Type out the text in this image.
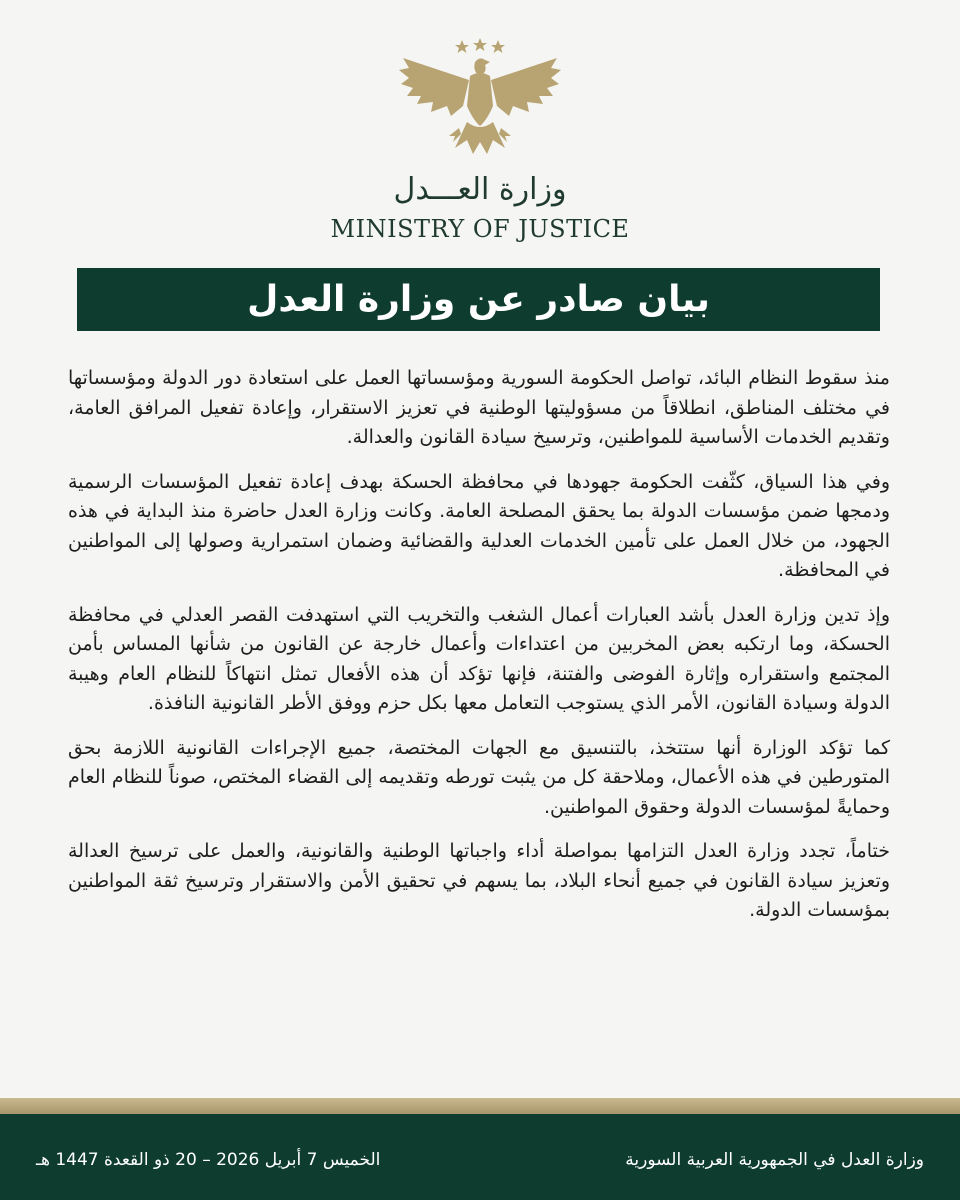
وزارة العـــدل
MINISTRY OF JUSTICE
بيان صادر عن وزارة العدل

منذ سقوط النظام البائد، تواصل الحكومة السورية ومؤسساتها العمل على استعادة دور الدولة ومؤسساتها في مختلف المناطق، انطلاقاً من مسؤوليتها الوطنية في تعزيز الاستقرار، وإعادة تفعيل المرافق العامة، وتقديم الخدمات الأساسية للمواطنين، وترسيخ سيادة القانون والعدالة.

وفي هذا السياق، كثّفت الحكومة جهودها في محافظة الحسكة بهدف إعادة تفعيل المؤسسات الرسمية ودمجها ضمن مؤسسات الدولة بما يحقق المصلحة العامة. وكانت وزارة العدل حاضرة منذ البداية في هذه الجهود، من خلال العمل على تأمين الخدمات العدلية والقضائية وضمان استمرارية وصولها إلى المواطنين في المحافظة.

وإذ تدين وزارة العدل بأشد العبارات أعمال الشغب والتخريب التي استهدفت القصر العدلي في محافظة الحسكة، وما ارتكبه بعض المخربين من اعتداءات وأعمال خارجة عن القانون من شأنها المساس بأمن المجتمع واستقراره وإثارة الفوضى والفتنة، فإنها تؤكد أن هذه الأفعال تمثل انتهاكاً للنظام العام وهيبة الدولة وسيادة القانون، الأمر الذي يستوجب التعامل معها بكل حزم ووفق الأطر القانونية النافذة.

كما تؤكد الوزارة أنها ستتخذ، بالتنسيق مع الجهات المختصة، جميع الإجراءات القانونية اللازمة بحق المتورطين في هذه الأعمال، وملاحقة كل من يثبت تورطه وتقديمه إلى القضاء المختص، صوناً للنظام العام وحمايةً لمؤسسات الدولة وحقوق المواطنين.

ختاماً، تجدد وزارة العدل التزامها بمواصلة أداء واجباتها الوطنية والقانونية، والعمل على ترسيخ العدالة وتعزيز سيادة القانون في جميع أنحاء البلاد، بما يسهم في تحقيق الأمن والاستقرار وترسيخ ثقة المواطنين بمؤسسات الدولة.

الخميس 7 أبريل 2026 – 20 ذو القعدة 1447 هـ	وزارة العدل في الجمهورية العربية السورية
